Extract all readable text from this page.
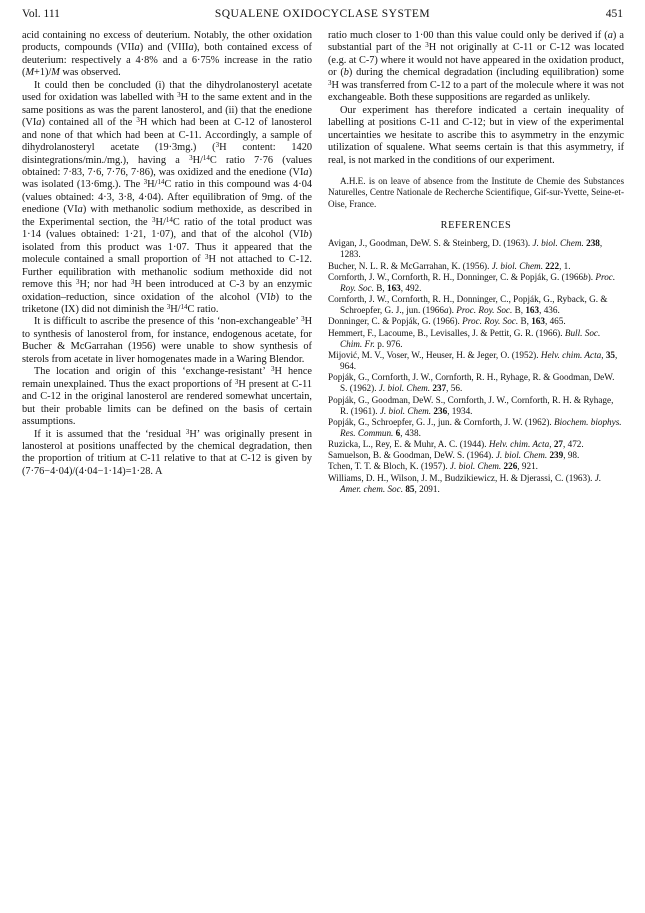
Vol. 111	SQUALENE OXIDOCYCLASE SYSTEM	451

acid containing no excess of deuterium. Notably, the other oxidation products, compounds (VIIa) and (VIIIa), both contained excess of deuterium: respectively a 4·8% and a 6·75% increase in the ratio (M+1)/M was observed.

It could then be concluded (i) that the dihydrolanosteryl acetate used for oxidation was labelled with $^3$H to the same extent and in the same positions as was the parent lanosterol, and (ii) that the enedione (VIa) contained all of the $^3$H which had been at C-12 of lanosterol and none of that which had been at C-11. Accordingly, a sample of dihydrolanosteryl acetate (19·3mg.) ($^3$H content: 1420 disintegrations/min./mg.), having a $^3$H/$^{14}$C ratio 7·76 (values obtained: 7·83, 7·6, 7·76, 7·86), was oxidized and the enedione (VIa) was isolated (13·6mg.). The $^3$H/$^{14}$C ratio in this compound was 4·04 (values obtained: 4·3, 3·8, 4·04). After equilibration of 9mg. of the enedione (VIa) with methanolic sodium methoxide, as described in the Experimental section, the $^3$H/$^{14}$C ratio of the total product was 1·14 (values obtained: 1·21, 1·07), and that of the alcohol (VIb) isolated from this product was 1·07. Thus it appeared that the molecule contained a small proportion of $^3$H not attached to C-12. Further equilibration with methanolic sodium methoxide did not remove this $^3$H; nor had $^3$H been introduced at C-3 by an enzymic oxidation–reduction, since oxidation of the alcohol (VIb) to the triketone (IX) did not diminish the $^3$H/$^{14}$C ratio.

It is difficult to ascribe the presence of this ‘non-exchangeable’ $^3$H to synthesis of lanosterol from, for instance, endogenous acetate, for Bucher & McGarrahan (1956) were unable to show synthesis of sterols from acetate in liver homogenates made in a Waring Blendor.

The location and origin of this ‘exchange-resistant’ $^3$H hence remain unexplained. Thus the exact proportions of $^3$H present at C-11 and C-12 in the original lanosterol are rendered somewhat uncertain, but their probable limits can be defined on the basis of certain assumptions.

If it is assumed that the ‘residual $^3$H’ was originally present in lanosterol at positions unaffected by the chemical degradation, then the proportion of tritium at C-11 relative to that at C-12 is given by (7·76−4·04)/(4·04−1·14)=1·28. A

ratio much closer to 1·00 than this value could only be derived if (a) a substantial part of the $^3$H not originally at C-11 or C-12 was located (e.g. at C-7) where it would not have appeared in the oxidation product, or (b) during the chemical degradation (including equilibration) some $^3$H was transferred from C-12 to a part of the molecule where it was not exchangeable. Both these suppositions are regarded as unlikely.

Our experiment has therefore indicated a certain inequality of labelling at positions C-11 and C-12; but in view of the experimental uncertainties we hesitate to ascribe this to asymmetry in the enzymic utilization of squalene. What seems certain is that this asymmetry, if real, is not marked in the conditions of our experiment.

A.H.E. is on leave of absence from the Institute de Chemie des Substances Naturelles, Centre Nationale de Recherche Scientifique, Gif-sur-Yvette, Seine-et-Oise, France.

REFERENCES

Avigan, J., Goodman, DeW. S. & Steinberg, D. (1963). J. biol. Chem. 238, 1283.

Bucher, N. L. R. & McGarrahan, K. (1956). J. biol. Chem. 222, 1.

Cornforth, J. W., Cornforth, R. H., Donninger, C. & Popják, G. (1966b). Proc. Roy. Soc. B, 163, 492.

Cornforth, J. W., Cornforth, R. H., Donninger, C., Popják, G., Ryback, G. & Schroepfer, G. J., jun. (1966a). Proc. Roy. Soc. B, 163, 436.

Donninger, C. & Popják, G. (1966). Proc. Roy. Soc. B, 163, 465.

Hemmert, F., Lacoume, B., Levisalles, J. & Pettit, G. R. (1966). Bull. Soc. Chim. Fr. p. 976.

Mijović, M. V., Voser, W., Heuser, H. & Jeger, O. (1952). Helv. chim. Acta, 35, 964.

Popják, G., Cornforth, J. W., Cornforth, R. H., Ryhage, R. & Goodman, DeW. S. (1962). J. biol. Chem. 237, 56.

Popják, G., Goodman, DeW. S., Cornforth, J. W., Cornforth, R. H. & Ryhage, R. (1961). J. biol. Chem. 236, 1934.

Popják, G., Schroepfer, G. J., jun. & Cornforth, J. W. (1962). Biochem. biophys. Res. Commun. 6, 438.

Ruzicka, L., Rey, E. & Muhr, A. C. (1944). Helv. chim. Acta, 27, 472.

Samuelson, B. & Goodman, DeW. S. (1964). J. biol. Chem. 239, 98.

Tchen, T. T. & Bloch, K. (1957). J. biol. Chem. 226, 921.

Williams, D. H., Wilson, J. M., Budzikiewicz, H. & Djerassi, C. (1963). J. Amer. chem. Soc. 85, 2091.
